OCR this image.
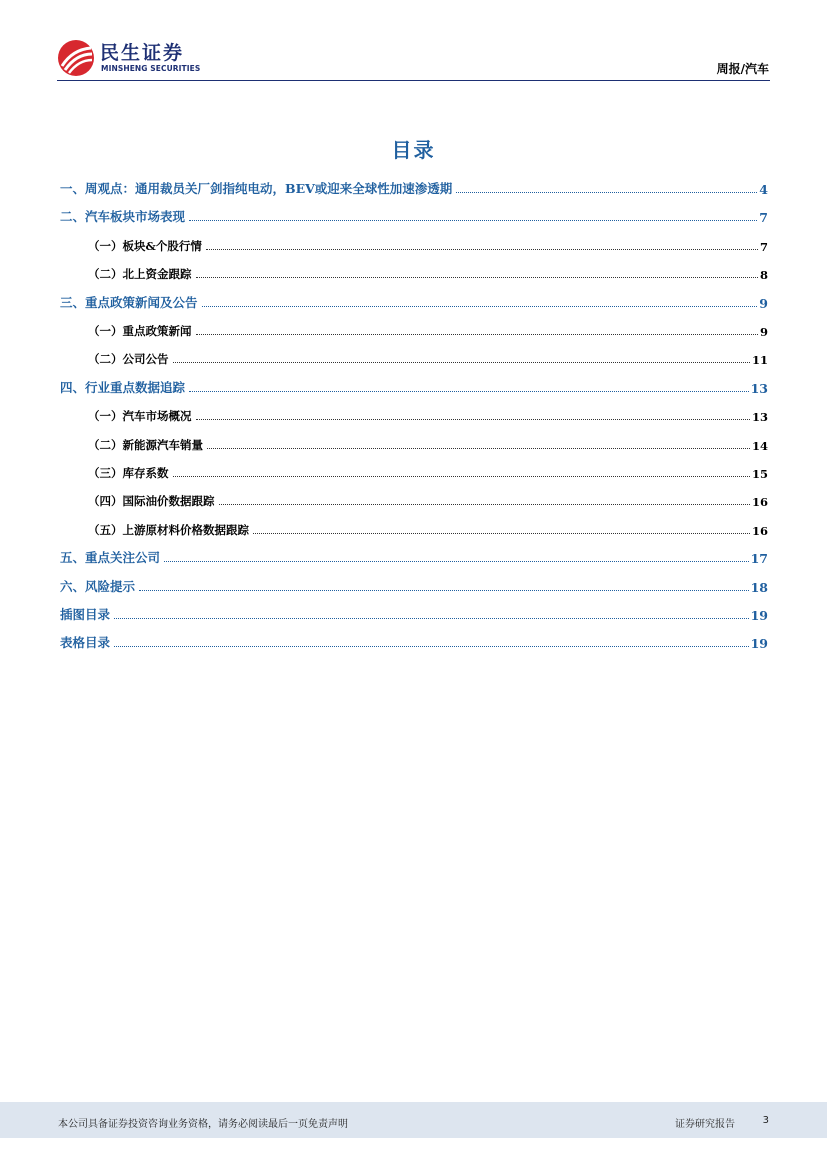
民生证券
MINSHENG SECURITIES	周报/汽车
目录
一、周观点：通用裁员关厂剑指纯电动，BEV或迎来全球性加速渗透期	4
二、汽车板块市场表现	7
（一）板块&个股行情	7
（二）北上资金跟踪	8
三、重点政策新闻及公告	9
（一）重点政策新闻	9
（二）公司公告	11
四、行业重点数据追踪	13
（一）汽车市场概况	13
（二）新能源汽车销量	14
（三）库存系数	15
（四）国际油价数据跟踪	16
（五）上游原材料价格数据跟踪	16
五、重点关注公司	17
六、风险提示	18
插图目录	19
表格目录	19
本公司具备证券投资咨询业务资格，请务必阅读最后一页免责声明	证券研究报告	3
